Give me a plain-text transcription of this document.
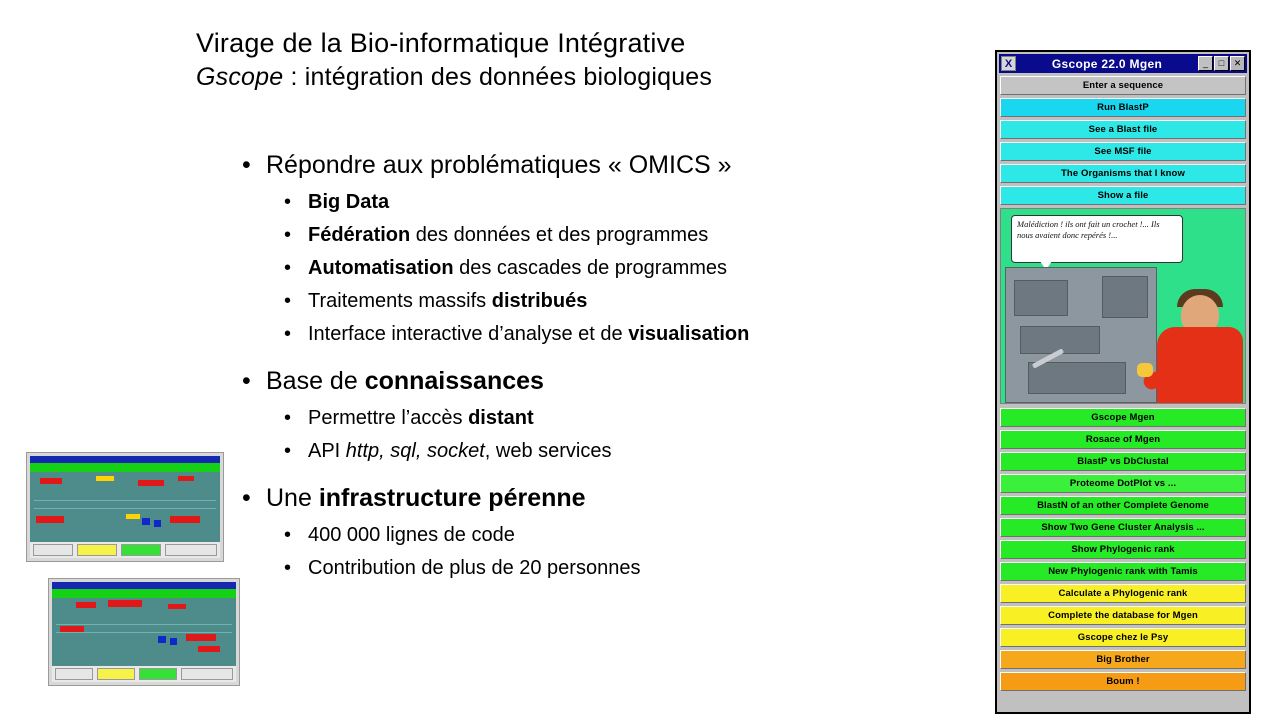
Virage de la Bio-informatique Intégrative
Gscope : intégration des données biologiques
• Répondre aux problématiques « OMICS »
• Big Data
• Fédération des données et des programmes
• Automatisation des cascades de programmes
• Traitements massifs distribués
• Interface interactive d’analyse et de visualisation
• Base de connaissances
• Permettre l’accès distant
• API http, sql, socket, web services
• Une infrastructure pérenne
• 400 000 lignes de code
• Contribution de plus de 20 personnes
X	Gscope 22.0 Mgen	_	□	✕
Enter a sequence
Run BlastP
See a Blast file
See MSF file
The Organisms that I know
Show a file
Malédiction ! ils ont fait un crochet !... Ils nous avaient donc repérés !...
Gscope Mgen
Rosace of Mgen
BlastP vs DbClustal
Proteome DotPlot vs ...
BlastN of an other Complete Genome
Show Two Gene Cluster Analysis ...
Show Phylogenic rank
New Phylogenic rank with Tamis
Calculate a Phylogenic rank
Complete the database for Mgen
Gscope chez le Psy
Big Brother
Boum !
